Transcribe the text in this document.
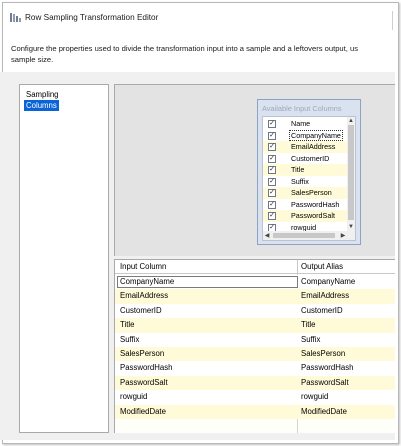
Row Sampling Transformation Editor
Configure the properties used to divide the transformation input into a sample and a leftovers output, us
sample size.
Sampling
Columns	Available Input Columns
✓ Name
✓ CompanyName
✓ EmailAddress
✓ CustomerID
✓ Title
✓ Suffix
✓ SalesPerson
✓ PasswordHash
✓ PasswordSalt
✓ rowguid
▲
▼
◀	▶
Input Column	Output Alias
CompanyName	CompanyName
EmailAddress	EmailAddress
CustomerID	CustomerID
Title	Title
Suffix	Suffix
SalesPerson	SalesPerson
PasswordHash	PasswordHash
PasswordSalt	PasswordSalt
rowguid	rowguid
ModifiedDate	ModifiedDate
